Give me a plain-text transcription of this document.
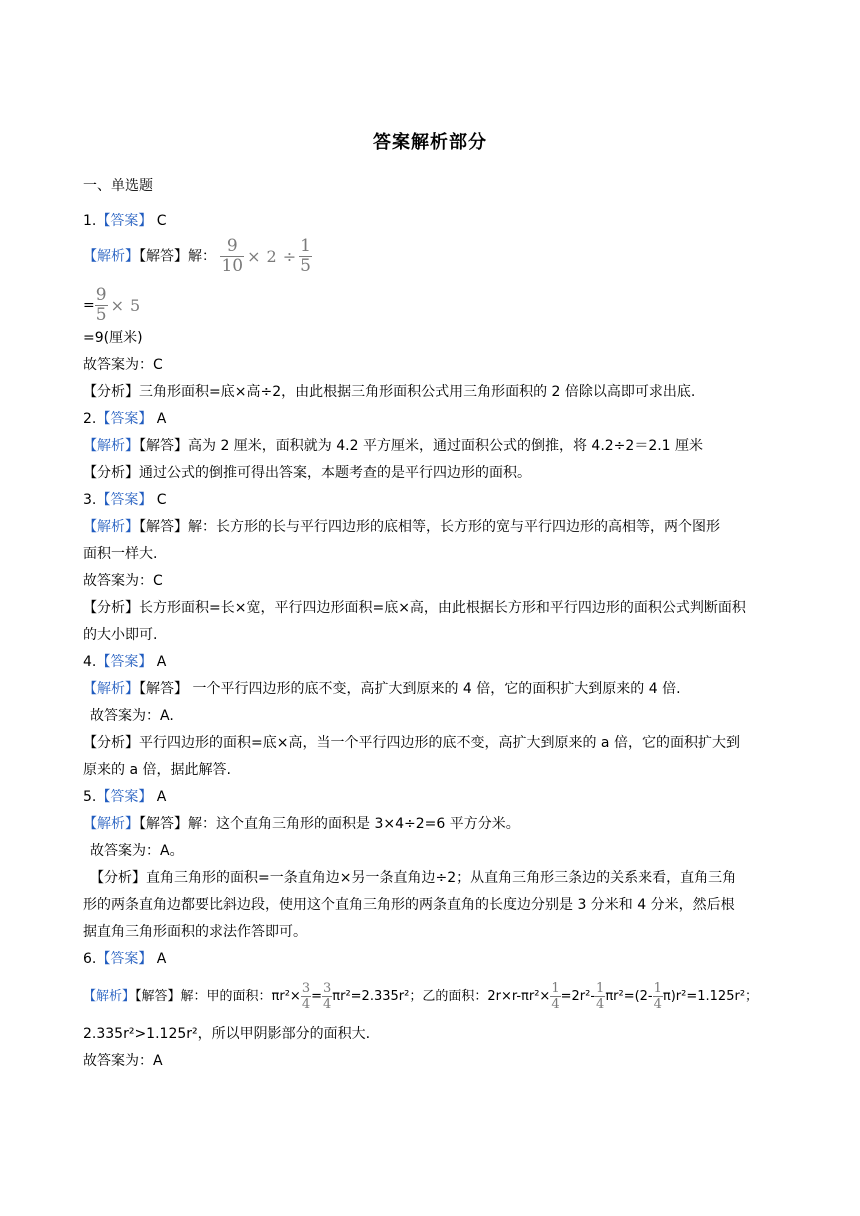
答案解析部分
一、单选题
1.【答案】 C
【解析】【解答】解： $\frac{9}{10} \times 2 \div \frac{1}{5}$
= $\frac{9}{5} \times 5$
=9(厘米)
故答案为：C
【分析】三角形面积=底×高÷2，由此根据三角形面积公式用三角形面积的 2 倍除以高即可求出底.
2.【答案】 A
【解析】【解答】高为 2 厘米，面积就为 4.2 平方厘米，通过面积公式的倒推，将 4.2÷2＝2.1 厘米
【分析】通过公式的倒推可得出答案，本题考查的是平行四边形的面积。
3.【答案】 C
【解析】【解答】解：长方形的长与平行四边形的底相等，长方形的宽与平行四边形的高相等，两个图形
面积一样大.
故答案为：C
【分析】长方形面积=长×宽，平行四边形面积=底×高，由此根据长方形和平行四边形的面积公式判断面积
的大小即可.
4.【答案】 A
【解析】【解答】 一个平行四边形的底不变，高扩大到原来的 4 倍，它的面积扩大到原来的 4 倍.
故答案为：A.
【分析】平行四边形的面积=底×高，当一个平行四边形的底不变，高扩大到原来的 a 倍，它的面积扩大到
原来的 a 倍，据此解答.
5.【答案】 A
【解析】【解答】解：这个直角三角形的面积是 3×4÷2=6 平方分米。
故答案为：A。
【分析】直角三角形的面积=一条直角边×另一条直角边÷2；从直角三角形三条边的关系来看，直角三角
形的两条直角边都要比斜边段，使用这个直角三角形的两条直角的长度边分别是 3 分米和 4 分米，然后根
据直角三角形面积的求法作答即可。
6.【答案】 A
【解析】【解答】解：甲的面积：$\pi r^2\times \frac{3}{4} = \frac{3}{4} \pi r^2=2.335r^2$；乙的面积：$2r\times r-\pi r^2\times \frac{1}{4} =2r^2- \frac{1}{4} \pi r^2=(2- \frac{1}{4} \pi)r^2=1.125r^2$；
2.335r²>1.125r²，所以甲阴影部分的面积大.
故答案为：A
